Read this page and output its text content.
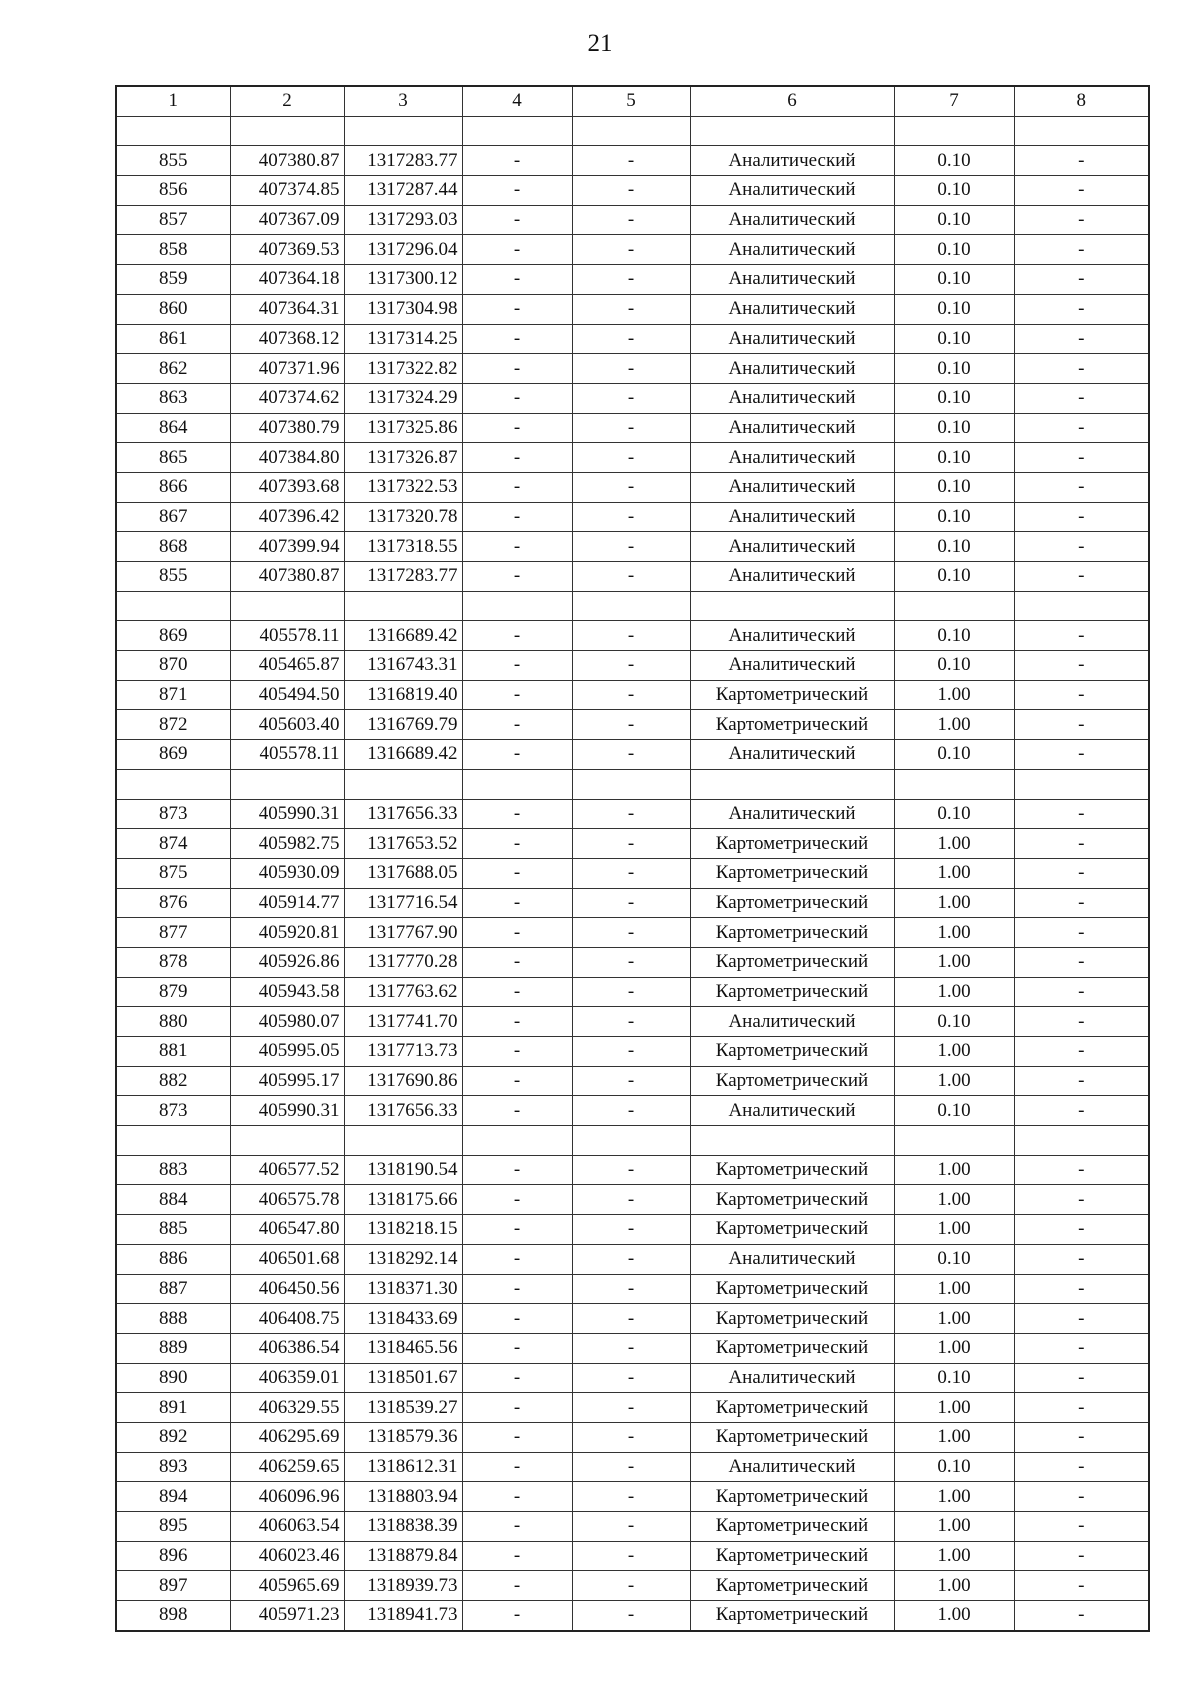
21
1	2	3	4	5	6	7	8

855	407380.87	1317283.77	-	-	Аналитический	0.10	-
856	407374.85	1317287.44	-	-	Аналитический	0.10	-
857	407367.09	1317293.03	-	-	Аналитический	0.10	-
858	407369.53	1317296.04	-	-	Аналитический	0.10	-
859	407364.18	1317300.12	-	-	Аналитический	0.10	-
860	407364.31	1317304.98	-	-	Аналитический	0.10	-
861	407368.12	1317314.25	-	-	Аналитический	0.10	-
862	407371.96	1317322.82	-	-	Аналитический	0.10	-
863	407374.62	1317324.29	-	-	Аналитический	0.10	-
864	407380.79	1317325.86	-	-	Аналитический	0.10	-
865	407384.80	1317326.87	-	-	Аналитический	0.10	-
866	407393.68	1317322.53	-	-	Аналитический	0.10	-
867	407396.42	1317320.78	-	-	Аналитический	0.10	-
868	407399.94	1317318.55	-	-	Аналитический	0.10	-
855	407380.87	1317283.77	-	-	Аналитический	0.10	-

869	405578.11	1316689.42	-	-	Аналитический	0.10	-
870	405465.87	1316743.31	-	-	Аналитический	0.10	-
871	405494.50	1316819.40	-	-	Картометрический	1.00	-
872	405603.40	1316769.79	-	-	Картометрический	1.00	-
869	405578.11	1316689.42	-	-	Аналитический	0.10	-

873	405990.31	1317656.33	-	-	Аналитический	0.10	-
874	405982.75	1317653.52	-	-	Картометрический	1.00	-
875	405930.09	1317688.05	-	-	Картометрический	1.00	-
876	405914.77	1317716.54	-	-	Картометрический	1.00	-
877	405920.81	1317767.90	-	-	Картометрический	1.00	-
878	405926.86	1317770.28	-	-	Картометрический	1.00	-
879	405943.58	1317763.62	-	-	Картометрический	1.00	-
880	405980.07	1317741.70	-	-	Аналитический	0.10	-
881	405995.05	1317713.73	-	-	Картометрический	1.00	-
882	405995.17	1317690.86	-	-	Картометрический	1.00	-
873	405990.31	1317656.33	-	-	Аналитический	0.10	-

883	406577.52	1318190.54	-	-	Картометрический	1.00	-
884	406575.78	1318175.66	-	-	Картометрический	1.00	-
885	406547.80	1318218.15	-	-	Картометрический	1.00	-
886	406501.68	1318292.14	-	-	Аналитический	0.10	-
887	406450.56	1318371.30	-	-	Картометрический	1.00	-
888	406408.75	1318433.69	-	-	Картометрический	1.00	-
889	406386.54	1318465.56	-	-	Картометрический	1.00	-
890	406359.01	1318501.67	-	-	Аналитический	0.10	-
891	406329.55	1318539.27	-	-	Картометрический	1.00	-
892	406295.69	1318579.36	-	-	Картометрический	1.00	-
893	406259.65	1318612.31	-	-	Аналитический	0.10	-
894	406096.96	1318803.94	-	-	Картометрический	1.00	-
895	406063.54	1318838.39	-	-	Картометрический	1.00	-
896	406023.46	1318879.84	-	-	Картометрический	1.00	-
897	405965.69	1318939.73	-	-	Картометрический	1.00	-
898	405971.23	1318941.73	-	-	Картометрический	1.00	-
